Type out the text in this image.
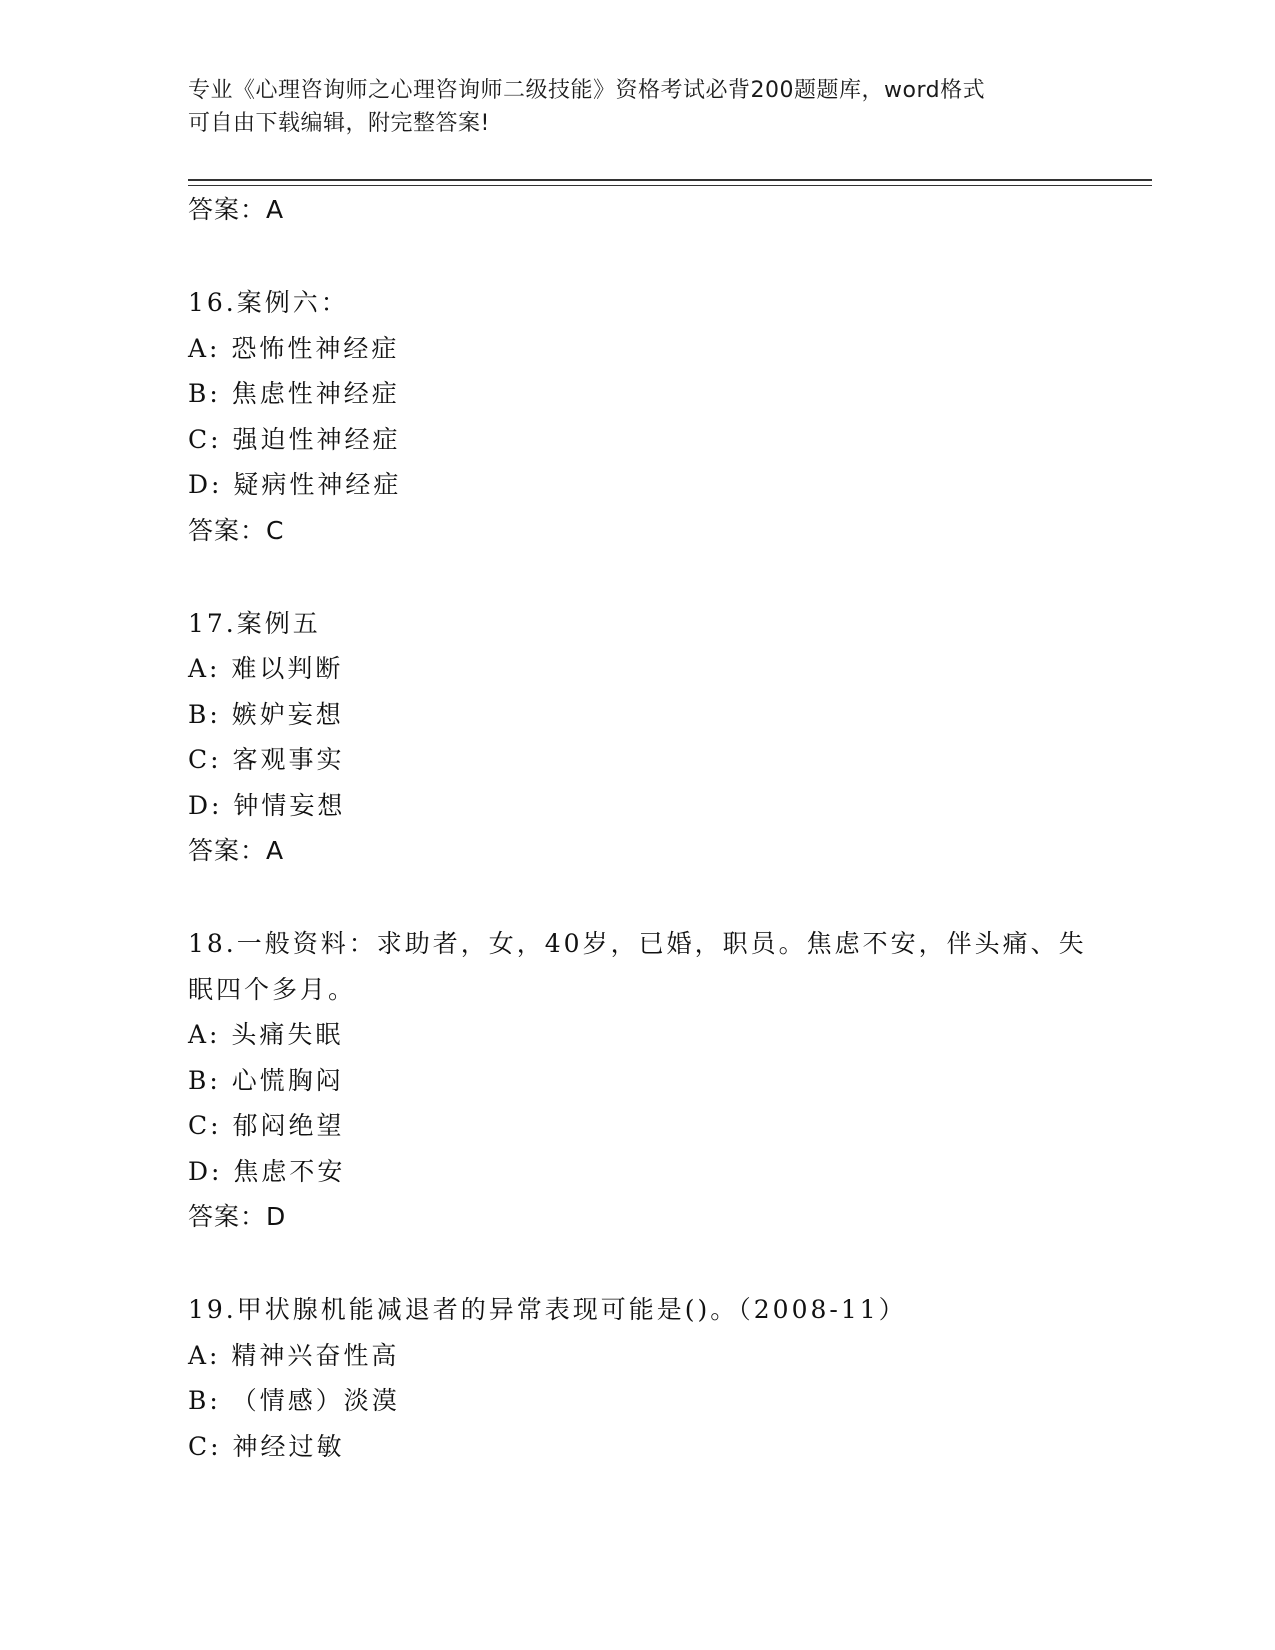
专业《心理咨询师之心理咨询师二级技能》资格考试必背200题题库，word格式
可自由下载编辑，附完整答案!
答案：A
16.案例六：
A: 恐怖性神经症
B: 焦虑性神经症
C: 强迫性神经症
D: 疑病性神经症
答案：C
17.案例五
A: 难以判断
B: 嫉妒妄想
C: 客观事实
D: 钟情妄想
答案：A
18.一般资料：求助者，女，40岁，已婚，职员。焦虑不安，伴头痛、失眠四个多月。
A: 头痛失眠
B: 心慌胸闷
C: 郁闷绝望
D: 焦虑不安
答案：D
19.甲状腺机能减退者的异常表现可能是()。（2008-11）
A: 精神兴奋性高
B: （情感）淡漠
C: 神经过敏
